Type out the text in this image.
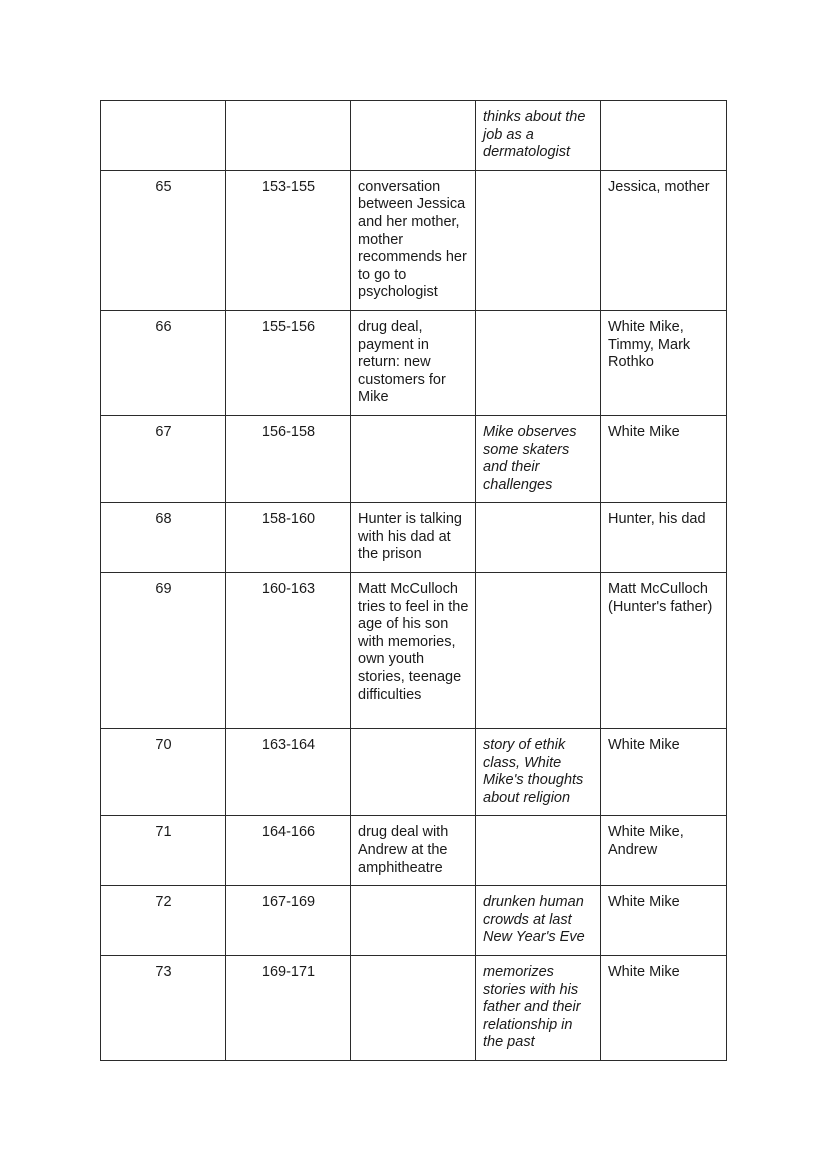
			thinks about the job as a dermatologist	
65	153-155	conversation between Jessica and her mother, mother recommends her to go to psychologist		Jessica, mother
66	155-156	drug deal, payment in return: new customers for Mike		White Mike, Timmy, Mark Rothko
67	156-158		Mike observes some skaters and their challenges	White Mike
68	158-160	Hunter is talking with his dad at the prison		Hunter, his dad
69	160-163	Matt McCulloch tries to feel in the age of his son with memories, own youth stories, teenage difficulties		Matt McCulloch (Hunter's father)
70	163-164		story of ethik class, White Mike's thoughts about religion	White Mike
71	164-166	drug deal with Andrew at the amphitheatre		White Mike, Andrew
72	167-169		drunken human crowds at last New Year's Eve	White Mike
73	169-171		memorizes stories with his father and their relationship in the past	White Mike
